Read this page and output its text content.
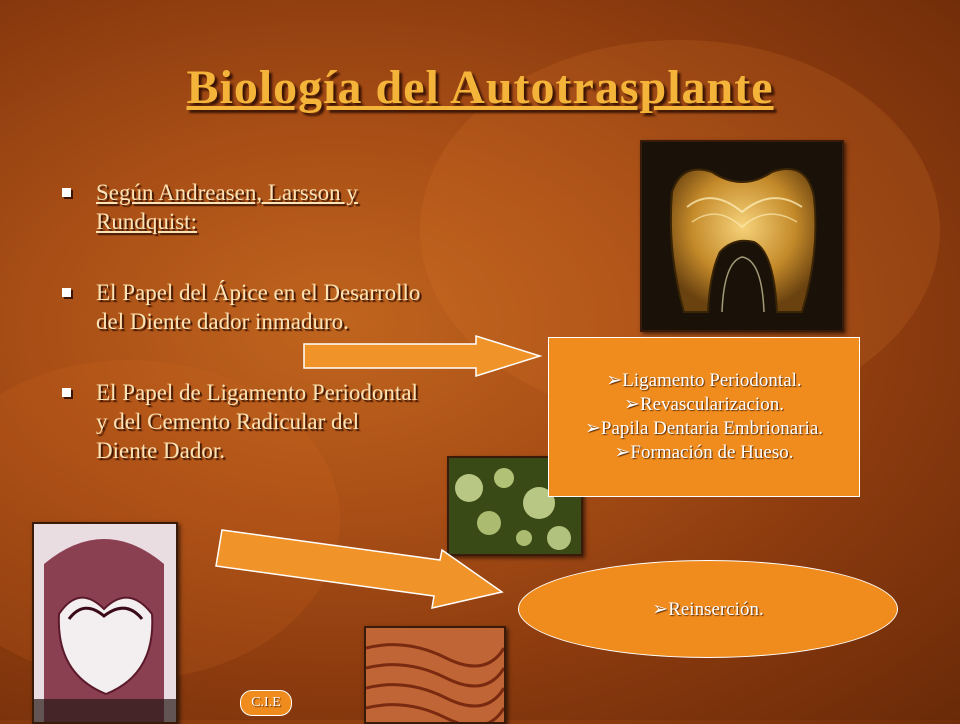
Biología del Autotrasplante
Según Andreasen, Larsson y Rundquist:
El Papel del Ápice en el Desarrollo del Diente dador inmaduro.
El Papel de Ligamento Periodontal y del Cemento Radicular del Diente Dador.
➢Ligamento Periodontal.
➢Revascularizacion.
➢Papila Dentaria Embrionaria.
➢Formación de Hueso.
➢Reinserción.
C.I.E
